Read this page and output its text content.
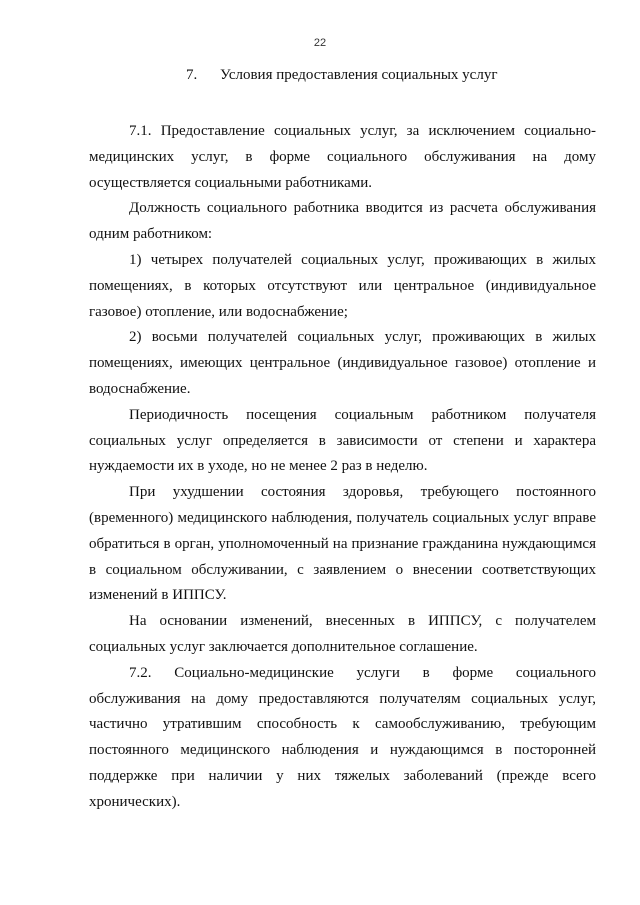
22
7. Условия предоставления социальных услуг

7.1. Предоставление социальных услуг, за исключением социально-медицинских услуг, в форме социального обслуживания на дому осуществляется социальными работниками.

Должность социального работника вводится из расчета обслуживания одним работником:

1) четырех получателей социальных услуг, проживающих в жилых помещениях, в которых отсутствуют или центральное (индивидуальное газовое) отопление, или водоснабжение;

2) восьми получателей социальных услуг, проживающих в жилых помещениях, имеющих центральное (индивидуальное газовое) отопление и водоснабжение.

Периодичность посещения социальным работником получателя социальных услуг определяется в зависимости от степени и характера нуждаемости их в уходе, но не менее 2 раз в неделю.

При ухудшении состояния здоровья, требующего постоянного (временного) медицинского наблюдения, получатель социальных услуг вправе обратиться в орган, уполномоченный на признание гражданина нуждающимся в социальном обслуживании, с заявлением о внесении соответствующих изменений в ИППСУ.

На основании изменений, внесенных в ИППСУ, с получателем социальных услуг заключается дополнительное соглашение.

7.2. Социально-медицинские услуги в форме социального обслуживания на дому предоставляются получателям социальных услуг, частично утратившим способность к самообслуживанию, требующим постоянного медицинского наблюдения и нуждающимся в посторонней поддержке при наличии у них тяжелых заболеваний (прежде всего хронических).
